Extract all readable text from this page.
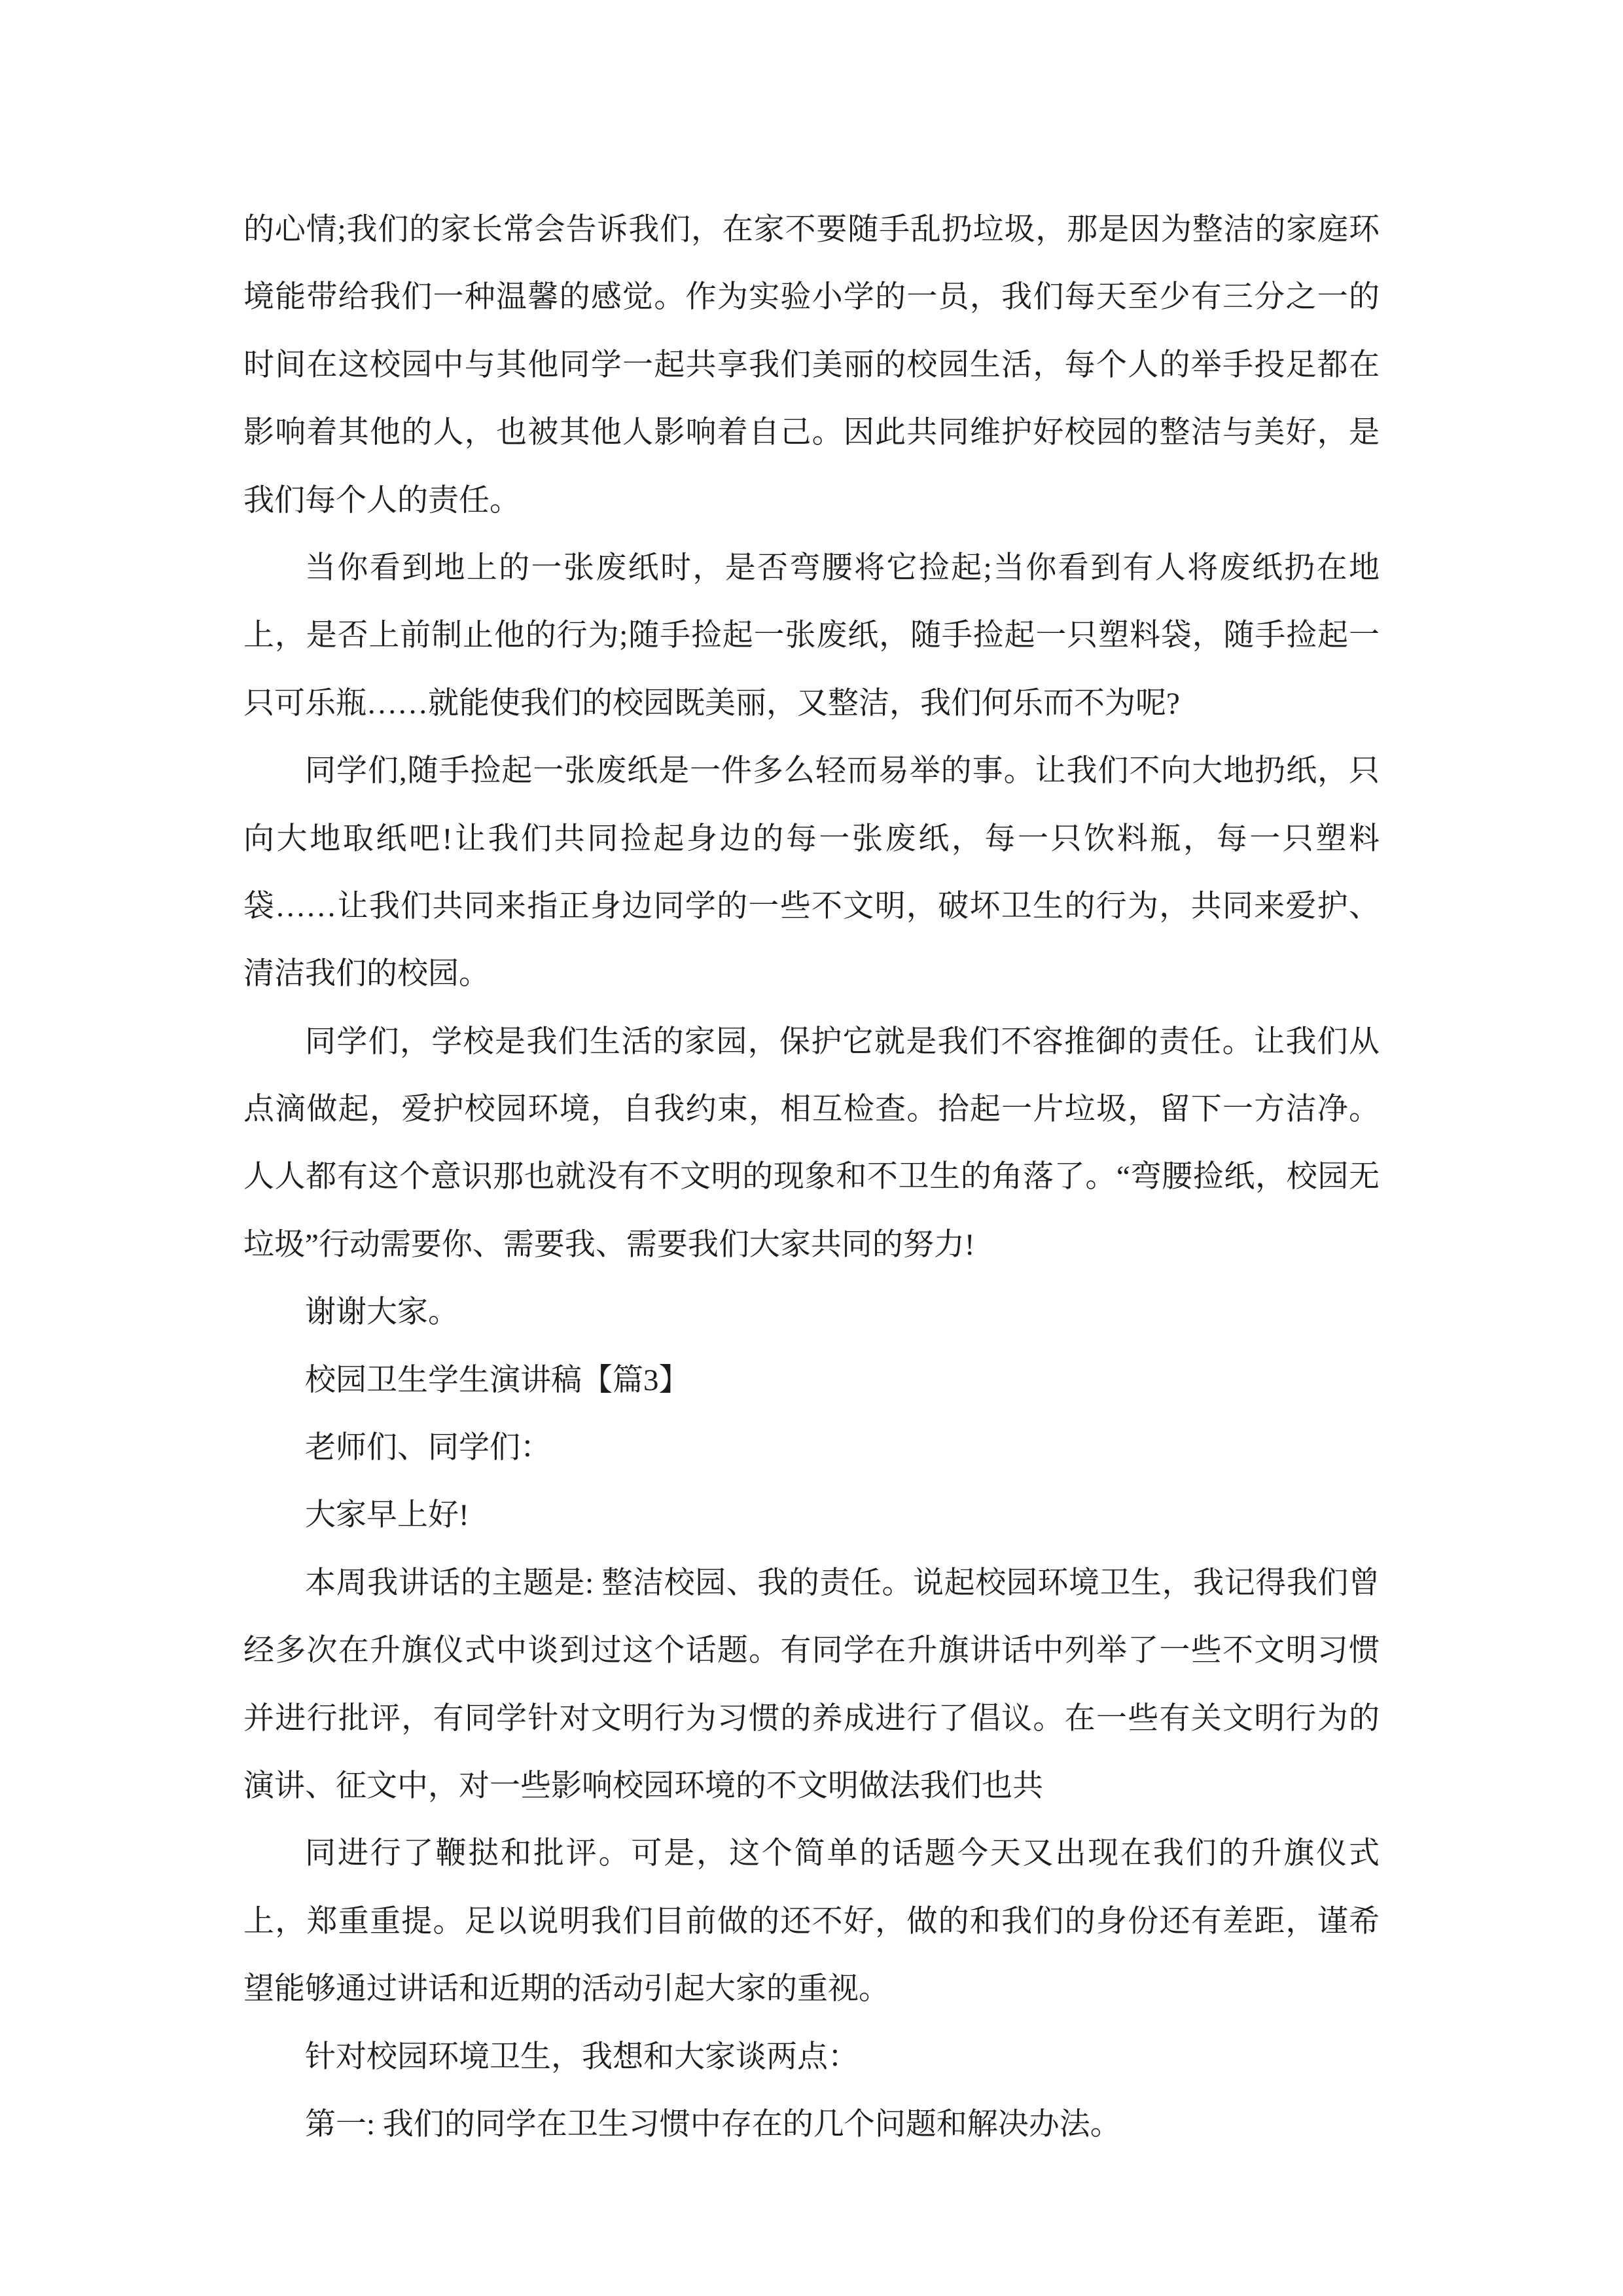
的心情;我们的家长常会告诉我们，在家不要随手乱扔垃圾，那是因为整洁的家庭环境能带给我们一种温馨的感觉。作为实验小学的一员，我们每天至少有三分之一的时间在这校园中与其他同学一起共享我们美丽的校园生活，每个人的举手投足都在影响着其他的人，也被其他人影响着自己。因此共同维护好校园的整洁与美好，是我们每个人的责任。

当你看到地上的一张废纸时，是否弯腰将它捡起;当你看到有人将废纸扔在地上，是否上前制止他的行为;随手捡起一张废纸，随手捡起一只塑料袋，随手捡起一只可乐瓶……就能使我们的校园既美丽，又整洁，我们何乐而不为呢?

同学们,随手捡起一张废纸是一件多么轻而易举的事。让我们不向大地扔纸，只向大地取纸吧!让我们共同捡起身边的每一张废纸，每一只饮料瓶，每一只塑料袋……让我们共同来指正身边同学的一些不文明，破坏卫生的行为，共同来爱护、清洁我们的校园。

同学们，学校是我们生活的家园，保护它就是我们不容推御的责任。让我们从点滴做起，爱护校园环境，自我约束，相互检查。拾起一片垃圾，留下一方洁净。人人都有这个意识那也就没有不文明的现象和不卫生的角落了。“弯腰捡纸，校园无垃圾”行动需要你、需要我、需要我们大家共同的努力!

谢谢大家。

校园卫生学生演讲稿【篇3】

老师们、同学们：

大家早上好!

本周我讲话的主题是: 整洁校园、我的责任。说起校园环境卫生，我记得我们曾经多次在升旗仪式中谈到过这个话题。有同学在升旗讲话中列举了一些不文明习惯并进行批评，有同学针对文明行为习惯的养成进行了倡议。在一些有关文明行为的演讲、征文中，对一些影响校园环境的不文明做法我们也共

同进行了鞭挞和批评。可是，这个简单的话题今天又出现在我们的升旗仪式上，郑重重提。足以说明我们目前做的还不好，做的和我们的身份还有差距，谨希望能够通过讲话和近期的活动引起大家的重视。

针对校园环境卫生，我想和大家谈两点：

第一: 我们的同学在卫生习惯中存在的几个问题和解决办法。
